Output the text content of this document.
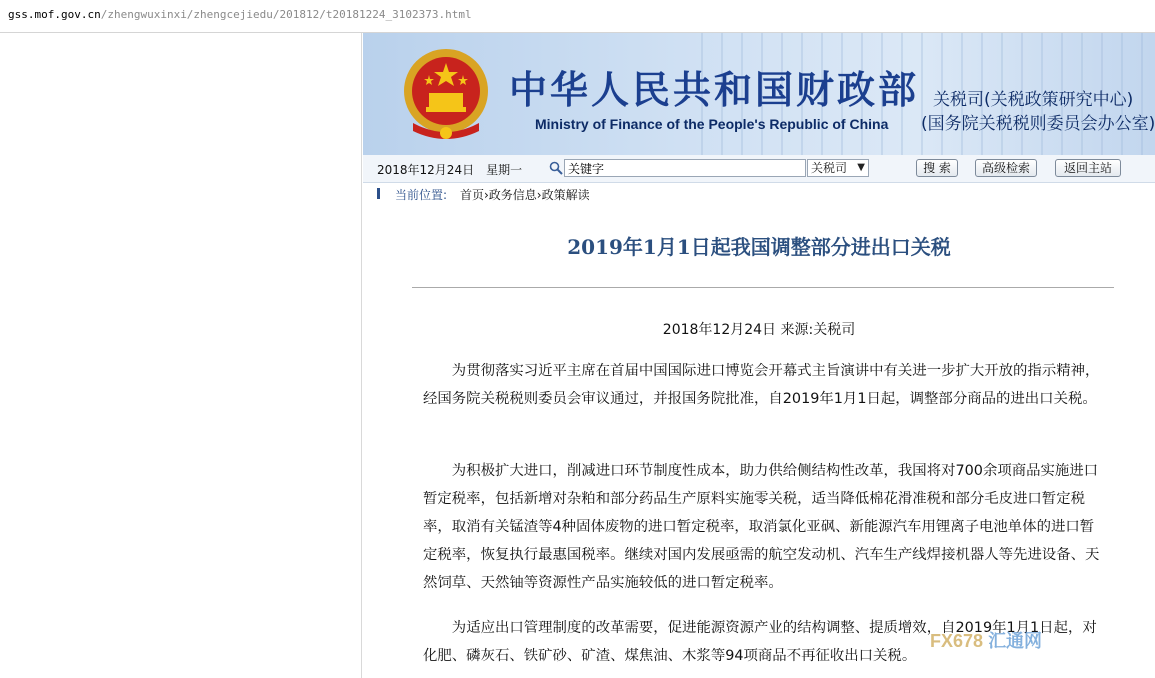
gss.mof.gov.cn/zhengwuxinxi/zhengcejiedu/201812/t20181224_3102373.html
中华人民共和国财政部
Ministry of Finance of the People's Republic of China
关税司(关税政策研究中心)
(国务院关税税则委员会办公室)
2018年12月24日　星期一
关键字	关税司 ▼	搜 索	高级检索	返回主站
当前位置: 首页›政务信息›政策解读
2019年1月1日起我国调整部分进出口关税
2018年12月24日 来源:关税司

为贯彻落实习近平主席在首届中国国际进口博览会开幕式主旨演讲中有关进一步扩大开放的指示精神，经国务院关税税则委员会审议通过，并报国务院批准，自2019年1月1日起，调整部分商品的进出口关税。

为积极扩大进口，削减进口环节制度性成本，助力供给侧结构性改革，我国将对700余项商品实施进口暂定税率，包括新增对杂粕和部分药品生产原料实施零关税，适当降低棉花滑准税和部分毛皮进口暂定税率，取消有关锰渣等4种固体废物的进口暂定税率，取消氯化亚砜、新能源汽车用锂离子电池单体的进口暂定税率，恢复执行最惠国税率。继续对国内发展亟需的航空发动机、汽车生产线焊接机器人等先进设备、天然饲草、天然铀等资源性产品实施较低的进口暂定税率。

为适应出口管理制度的改革需要，促进能源资源产业的结构调整、提质增效，自2019年1月1日起，对化肥、磷灰石、铁矿砂、矿渣、煤焦油、木浆等94项商品不再征收出口关税。

FX678 汇通网
